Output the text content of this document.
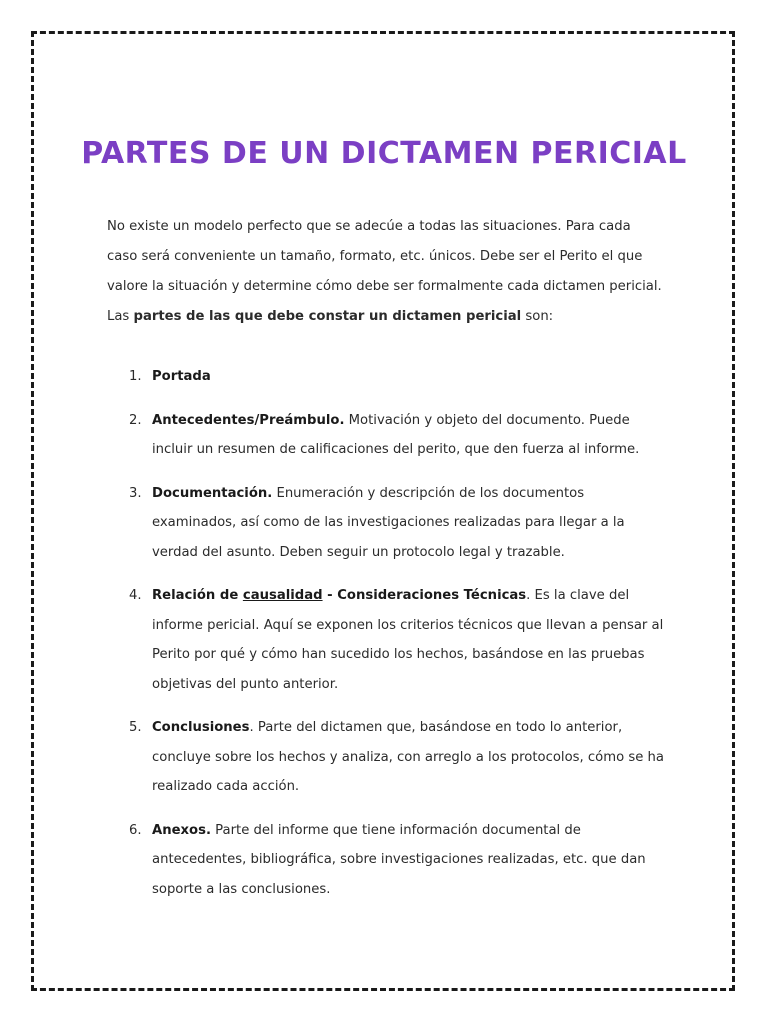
PARTES DE UN DICTAMEN PERICIAL

No existe un modelo perfecto que se adecúe a todas las situaciones. Para cada caso será conveniente un tamaño, formato, etc. únicos. Debe ser el Perito el que valore la situación y determine cómo debe ser formalmente cada dictamen pericial. Las partes de las que debe constar un dictamen pericial son:

1. Portada
2. Antecedentes/Preámbulo. Motivación y objeto del documento. Puede incluir un resumen de calificaciones del perito, que den fuerza al informe.
3. Documentación. Enumeración y descripción de los documentos examinados, así como de las investigaciones realizadas para llegar a la verdad del asunto. Deben seguir un protocolo legal y trazable.
4. Relación de causalidad - Consideraciones Técnicas. Es la clave del informe pericial. Aquí se exponen los criterios técnicos que llevan a pensar al Perito por qué y cómo han sucedido los hechos, basándose en las pruebas objetivas del punto anterior.
5. Conclusiones. Parte del dictamen que, basándose en todo lo anterior, concluye sobre los hechos y analiza, con arreglo a los protocolos, cómo se ha realizado cada acción.
6. Anexos. Parte del informe que tiene información documental de antecedentes, bibliográfica, sobre investigaciones realizadas, etc. que dan soporte a las conclusiones.
